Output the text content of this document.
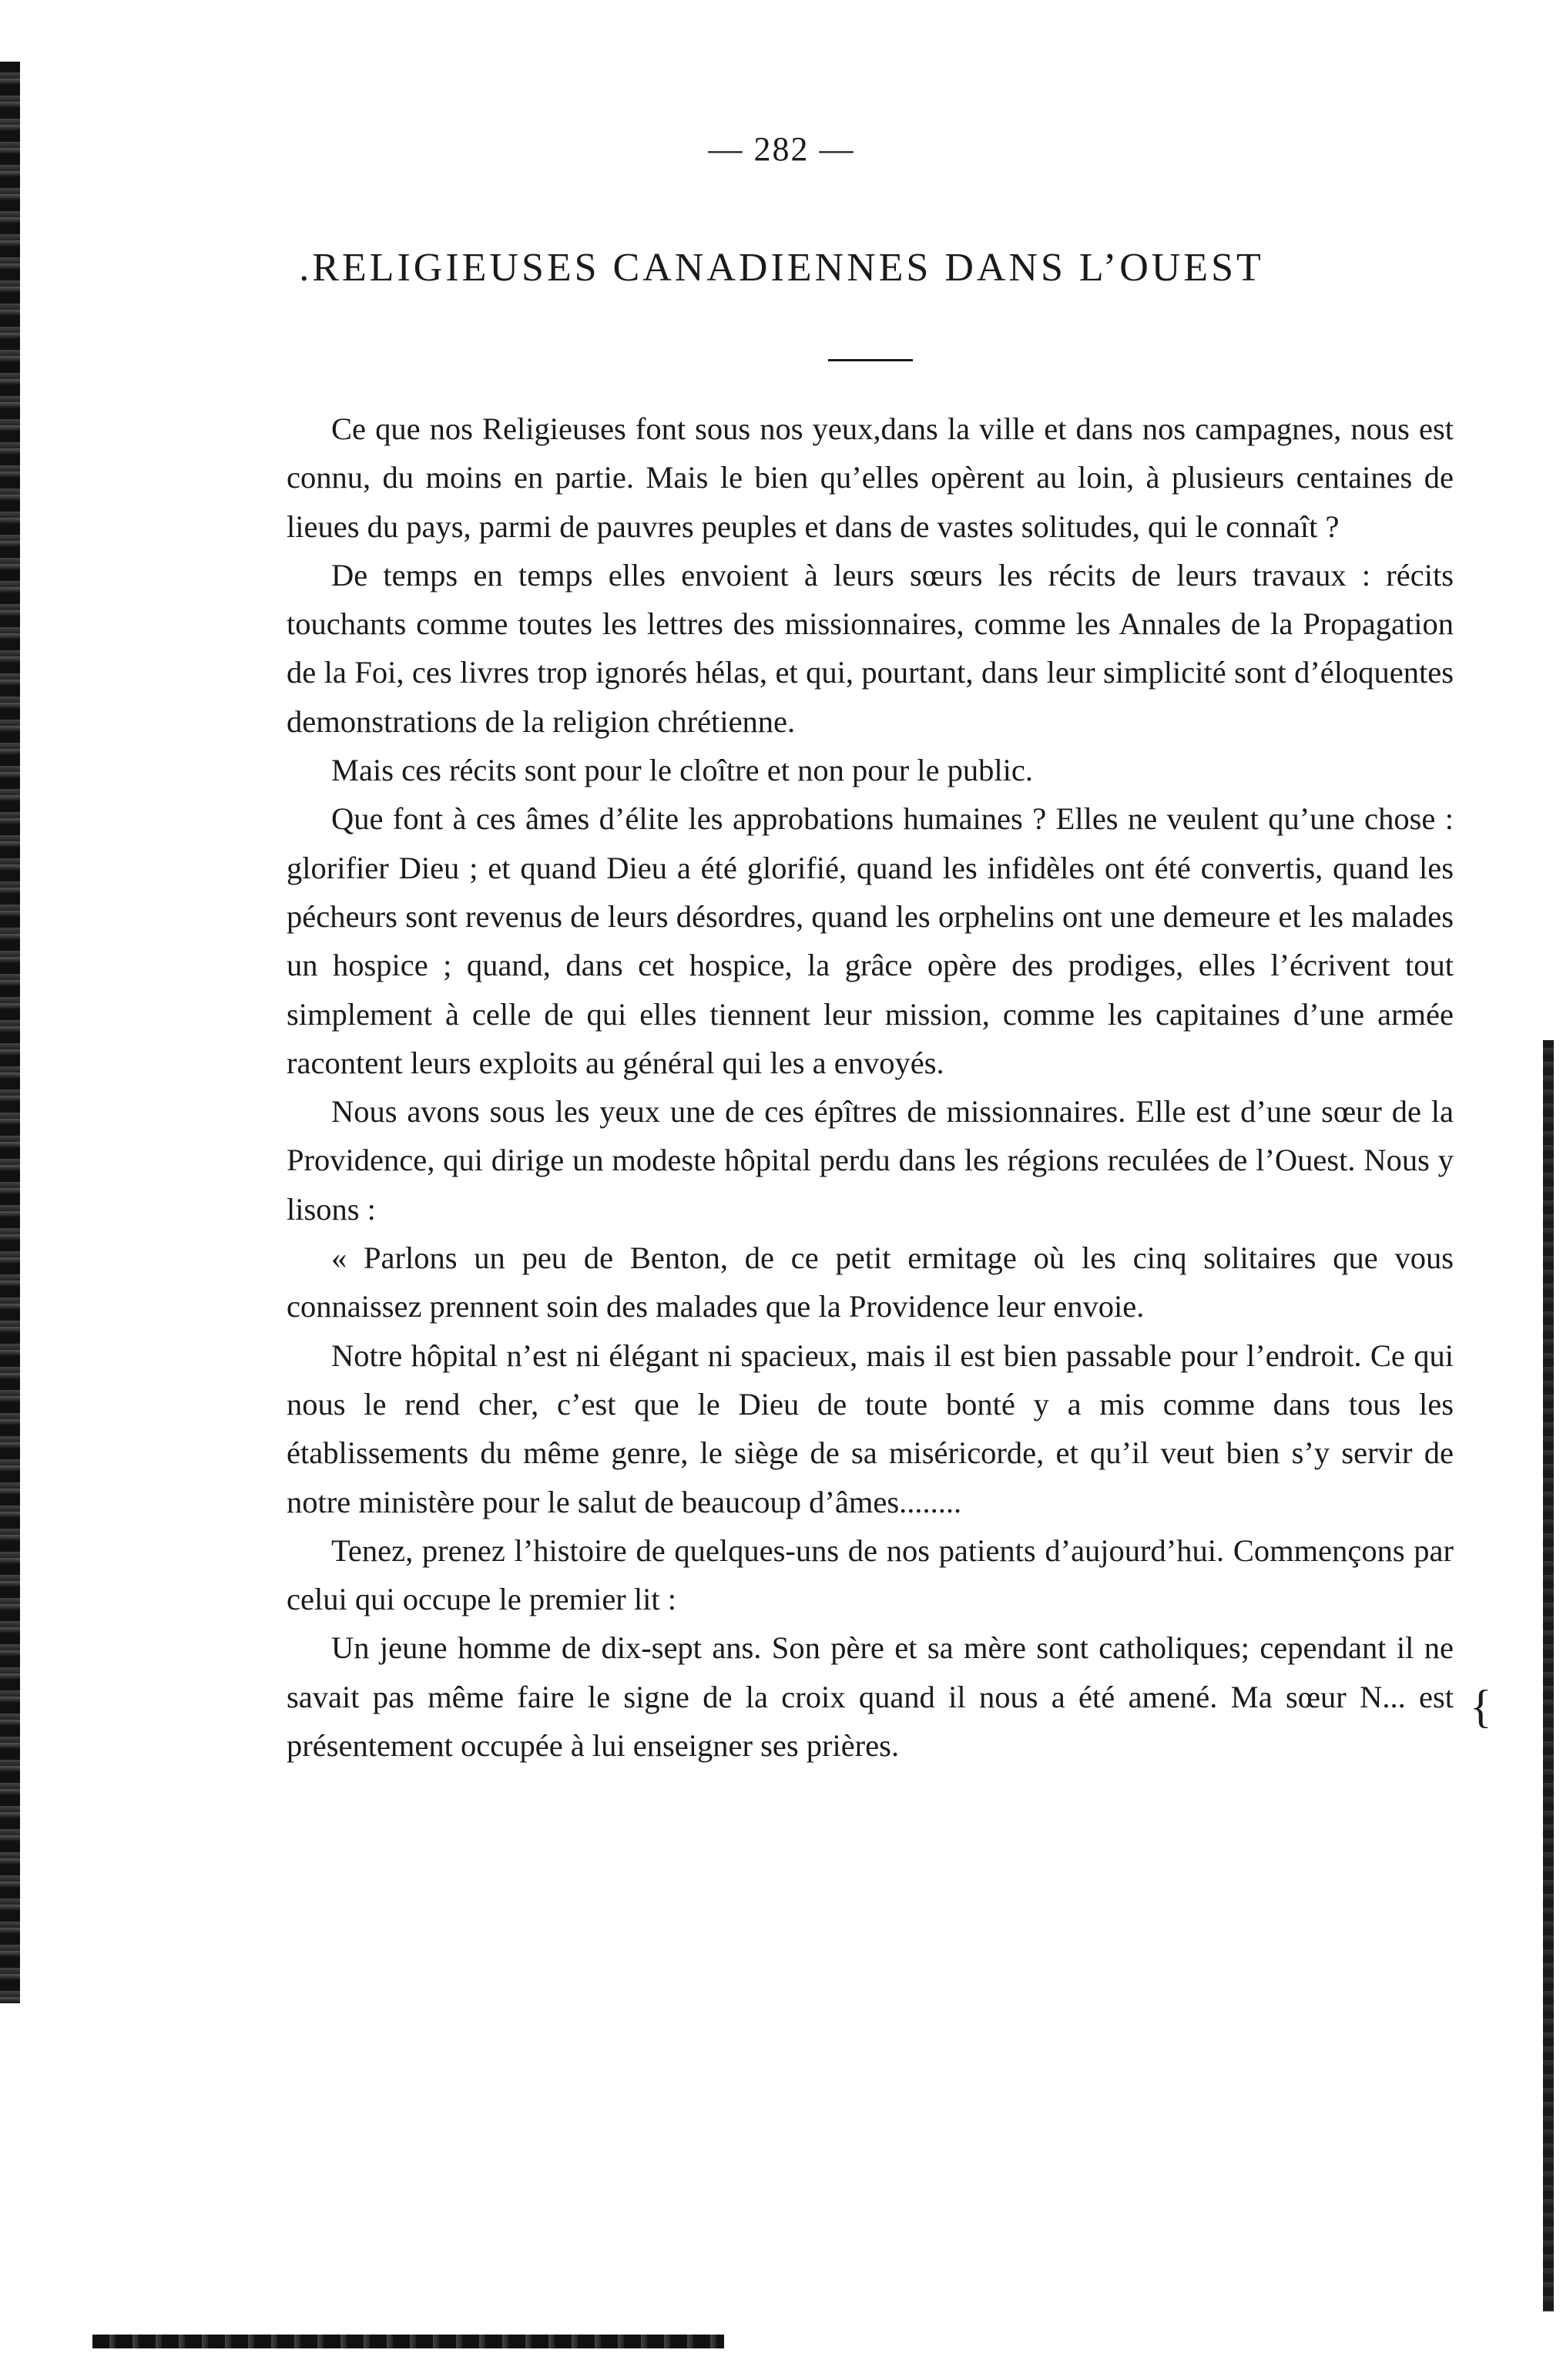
— 282 —
.RELIGIEUSES CANADIENNES DANS L’OUEST

Ce que nos Religieuses font sous nos yeux,dans la ville et dans nos campagnes, nous est connu, du moins en partie. Mais le bien qu’elles opèrent au loin, à plusieurs centaines de lieues du pays, parmi de pauvres peuples et dans de vastes solitudes, qui le connaît ?

De temps en temps elles envoient à leurs sœurs les récits de leurs travaux : récits touchants comme toutes les lettres des missionnaires, comme les Annales de la Propagation de la Foi, ces livres trop ignorés hélas, et qui, pourtant, dans leur simplicité sont d’éloquentes demonstrations de la religion chrétienne.

Mais ces récits sont pour le cloître et non pour le public.

Que font à ces âmes d’élite les approbations humaines ? Elles ne veulent qu’une chose : glorifier Dieu ; et quand Dieu a été glorifié, quand les infidèles ont été convertis, quand les pécheurs sont revenus de leurs désordres, quand les orphelins ont une demeure et les malades un hospice ; quand, dans cet hospice, la grâce opère des prodiges, elles l’écrivent tout simplement à celle de qui elles tiennent leur mission, comme les capitaines d’une armée racontent leurs exploits au général qui les a envoyés.

Nous avons sous les yeux une de ces épîtres de missionnaires. Elle est d’une sœur de la Providence, qui dirige un modeste hôpital perdu dans les régions reculées de l’Ouest. Nous y lisons :

« Parlons un peu de Benton, de ce petit ermitage où les cinq solitaires que vous connaissez prennent soin des malades que la Providence leur envoie.

Notre hôpital n’est ni élégant ni spacieux, mais il est bien passable pour l’endroit. Ce qui nous le rend cher, c’est que le Dieu de toute bonté y a mis comme dans tous les établissements du même genre, le siège de sa miséricorde, et qu’il veut bien s’y servir de notre ministère pour le salut de beaucoup d’âmes........

Tenez, prenez l’histoire de quelques-uns de nos patients d’aujourd’hui. Commençons par celui qui occupe le premier lit :

Un jeune homme de dix-sept ans. Son père et sa mère sont catholiques; cependant il ne savait pas même faire le signe de la croix quand il nous a été amené. Ma sœur N... est présentement occupée à lui enseigner ses prières.

{
